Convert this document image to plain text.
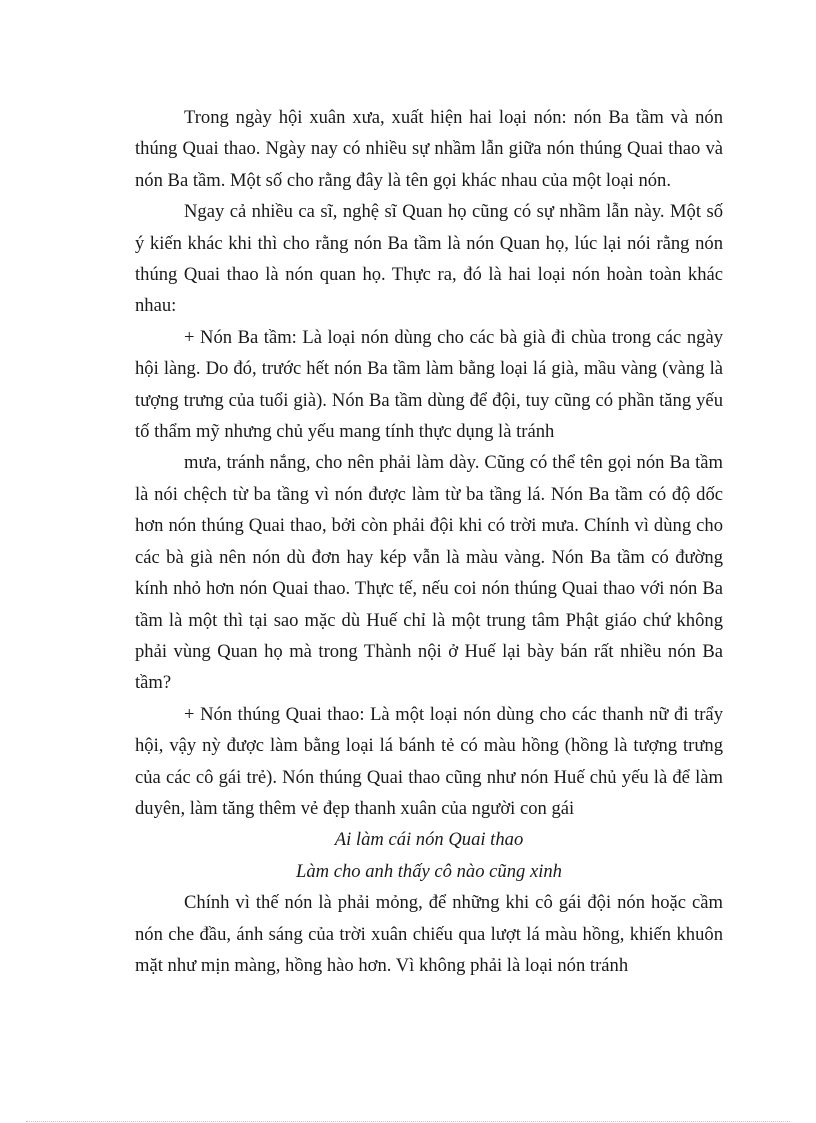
Trong ngày hội xuân xưa, xuất hiện hai loại nón: nón Ba tầm và nón thúng Quai thao. Ngày nay có nhiều sự nhầm lẫn giữa nón thúng Quai thao và nón Ba tầm. Một số cho rằng đây là tên gọi khác nhau của một loại nón.

Ngay cả nhiều ca sĩ, nghệ sĩ Quan họ cũng có sự nhầm lẫn này. Một số ý kiến khác khi thì cho rằng nón Ba tầm là nón Quan họ, lúc lại nói rằng nón thúng Quai thao là nón quan họ. Thực ra, đó là hai loại nón hoàn toàn khác nhau:

+ Nón Ba tầm: Là loại nón dùng cho các bà già đi chùa trong các ngày hội làng. Do đó, trước hết nón Ba tầm làm bằng loại lá già, mầu vàng (vàng là tượng trưng của tuổi già). Nón Ba tầm dùng để đội, tuy cũng có phần tăng yếu tố thẩm mỹ nhưng chủ yếu mang tính thực dụng là tránh

mưa, tránh nắng, cho nên phải làm dày. Cũng có thể tên gọi nón Ba tầm là nói chệch từ ba tầng vì nón được làm từ ba tầng lá. Nón Ba tầm có độ dốc hơn nón thúng Quai thao, bởi còn phải đội khi có trời mưa. Chính vì dùng cho các bà già nên nón dù đơn hay kép vẫn là màu vàng. Nón Ba tầm có đường kính nhỏ hơn nón Quai thao. Thực tế, nếu coi nón thúng Quai thao với nón Ba tầm là một thì tại sao mặc dù Huế chỉ là một trung tâm Phật giáo chứ không phải vùng Quan họ mà trong Thành nội ở Huế lại bày bán rất nhiều nón Ba tầm?

+ Nón thúng Quai thao: Là một loại nón dùng cho các thanh nữ đi trẩy hội, vậy nỳ được làm bằng loại lá bánh tẻ có màu hồng (hồng là tượng trưng của các cô gái trẻ). Nón thúng Quai thao cũng như nón Huế chủ yếu là để làm duyên, làm tăng thêm vẻ đẹp thanh xuân của người con gái

Ai làm cái nón Quai thao

Làm cho anh thấy cô nào cũng xinh

Chính vì thế nón là phải mỏng, để những khi cô gái đội nón hoặc cầm nón che đầu, ánh sáng của trời xuân chiếu qua lượt lá màu hồng, khiến khuôn mặt như mịn màng, hồng hào hơn. Vì không phải là loại nón tránh
